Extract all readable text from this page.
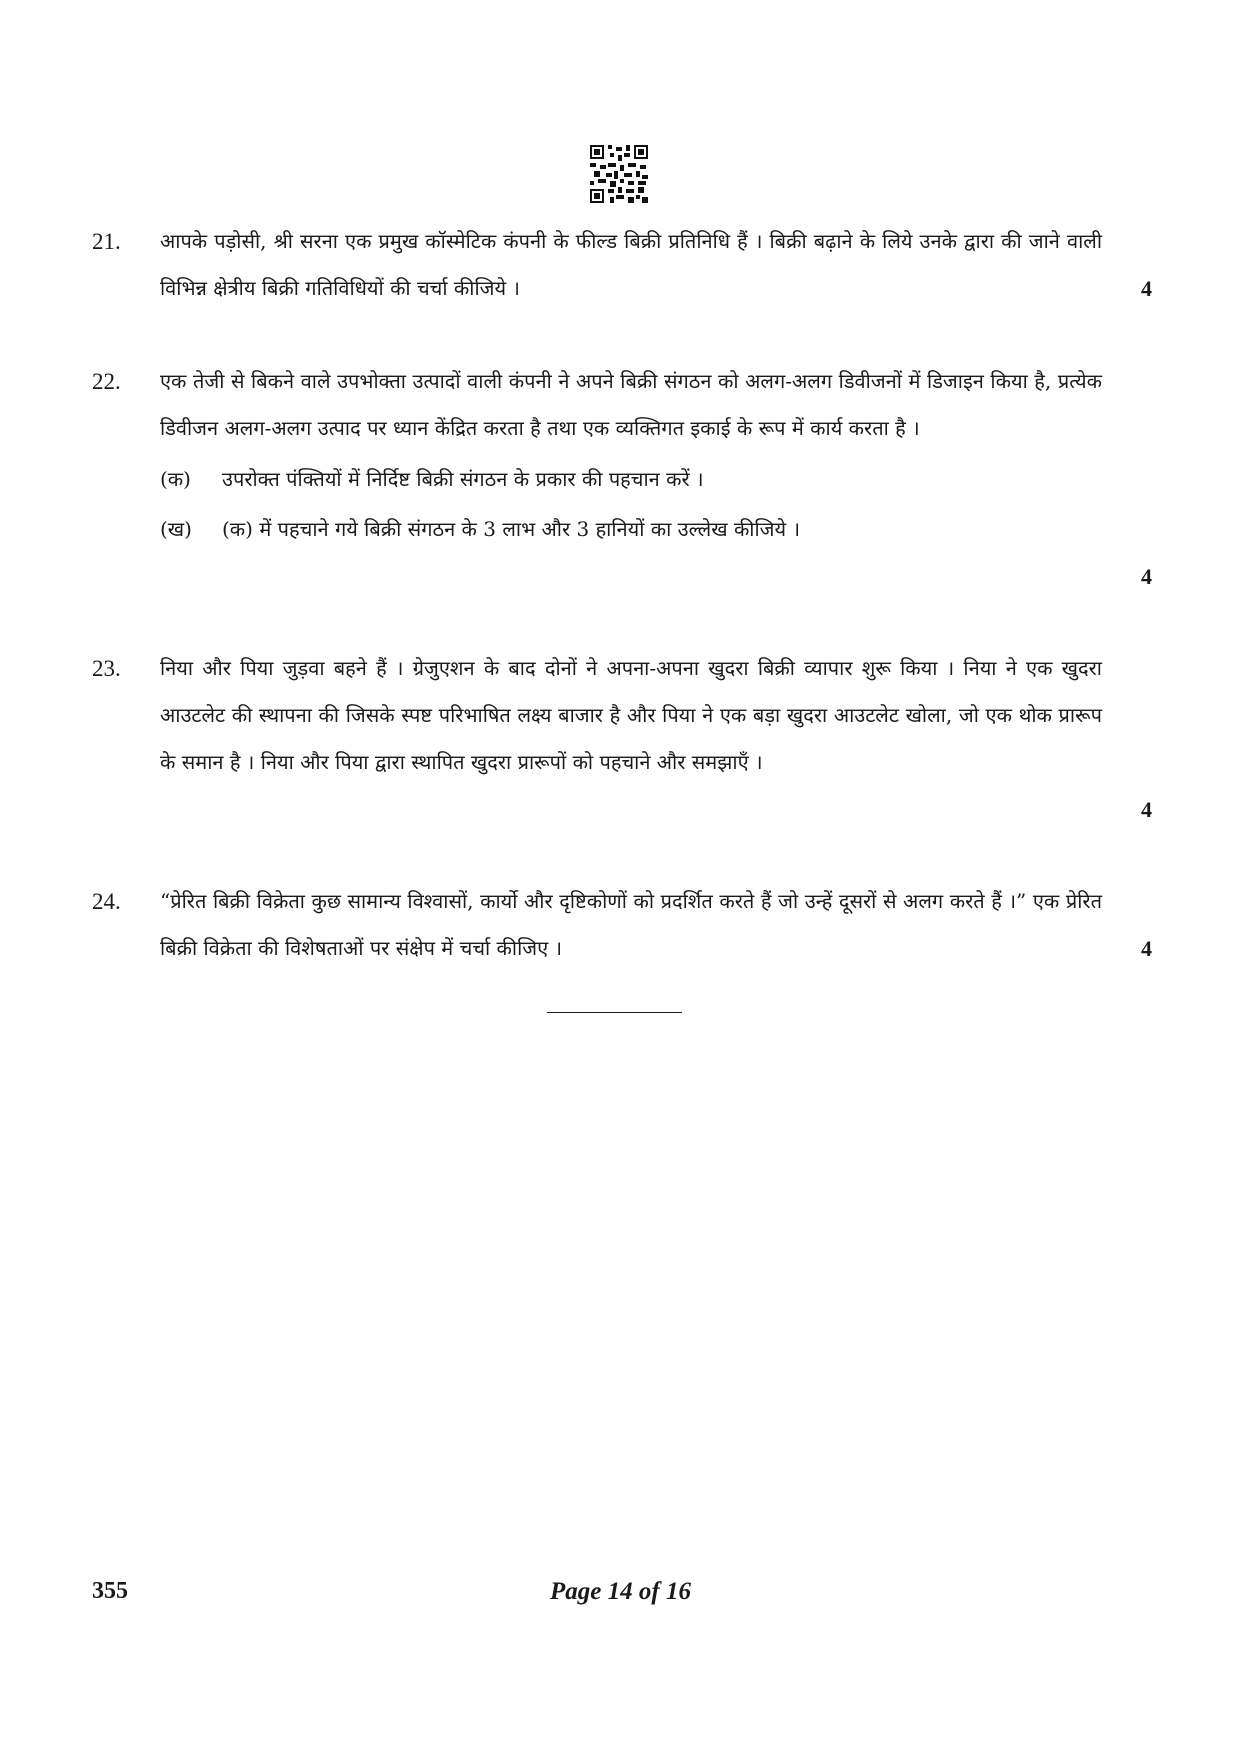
21.	आपके पड़ोसी, श्री सरना एक प्रमुख कॉस्मेटिक कंपनी के फील्ड बिक्री प्रतिनिधि हैं । बिक्री बढ़ाने के लिये उनके द्वारा की जाने वाली विभिन्न क्षेत्रीय बिक्री गतिविधियों की चर्चा कीजिये ।	4
22.	एक तेजी से बिकने वाले उपभोक्ता उत्पादों वाली कंपनी ने अपने बिक्री संगठन को अलग-अलग डिवीजनों में डिजाइन किया है, प्रत्येक डिवीजन अलग-अलग उत्पाद पर ध्यान केंद्रित करता है तथा एक व्यक्तिगत इकाई के रूप में कार्य करता है ।
(क) उपरोक्त पंक्तियों में निर्दिष्ट बिक्री संगठन के प्रकार की पहचान करें ।
(ख) (क) में पहचाने गये बिक्री संगठन के 3 लाभ और 3 हानियों का उल्लेख कीजिये ।
4
23.	निया और पिया जुड़वा बहने हैं । ग्रेजुएशन के बाद दोनों ने अपना-अपना खुदरा बिक्री व्यापार शुरू किया । निया ने एक खुदरा आउटलेट की स्थापना की जिसके स्पष्ट परिभाषित लक्ष्य बाजार है और पिया ने एक बड़ा खुदरा आउटलेट खोला, जो एक थोक प्रारूप के समान है । निया और पिया द्वारा स्थापित खुदरा प्रारूपों को पहचाने और समझाएँ ।
4
24.	“प्रेरित बिक्री विक्रेता कुछ सामान्य विश्वासों, कार्यो और दृष्टिकोणों को प्रदर्शित करते हैं जो उन्हें दूसरों से अलग करते हैं ।” एक प्रेरित बिक्री विक्रेता की विशेषताओं पर संक्षेप में चर्चा कीजिए ।	4
355	Page 14 of 16
